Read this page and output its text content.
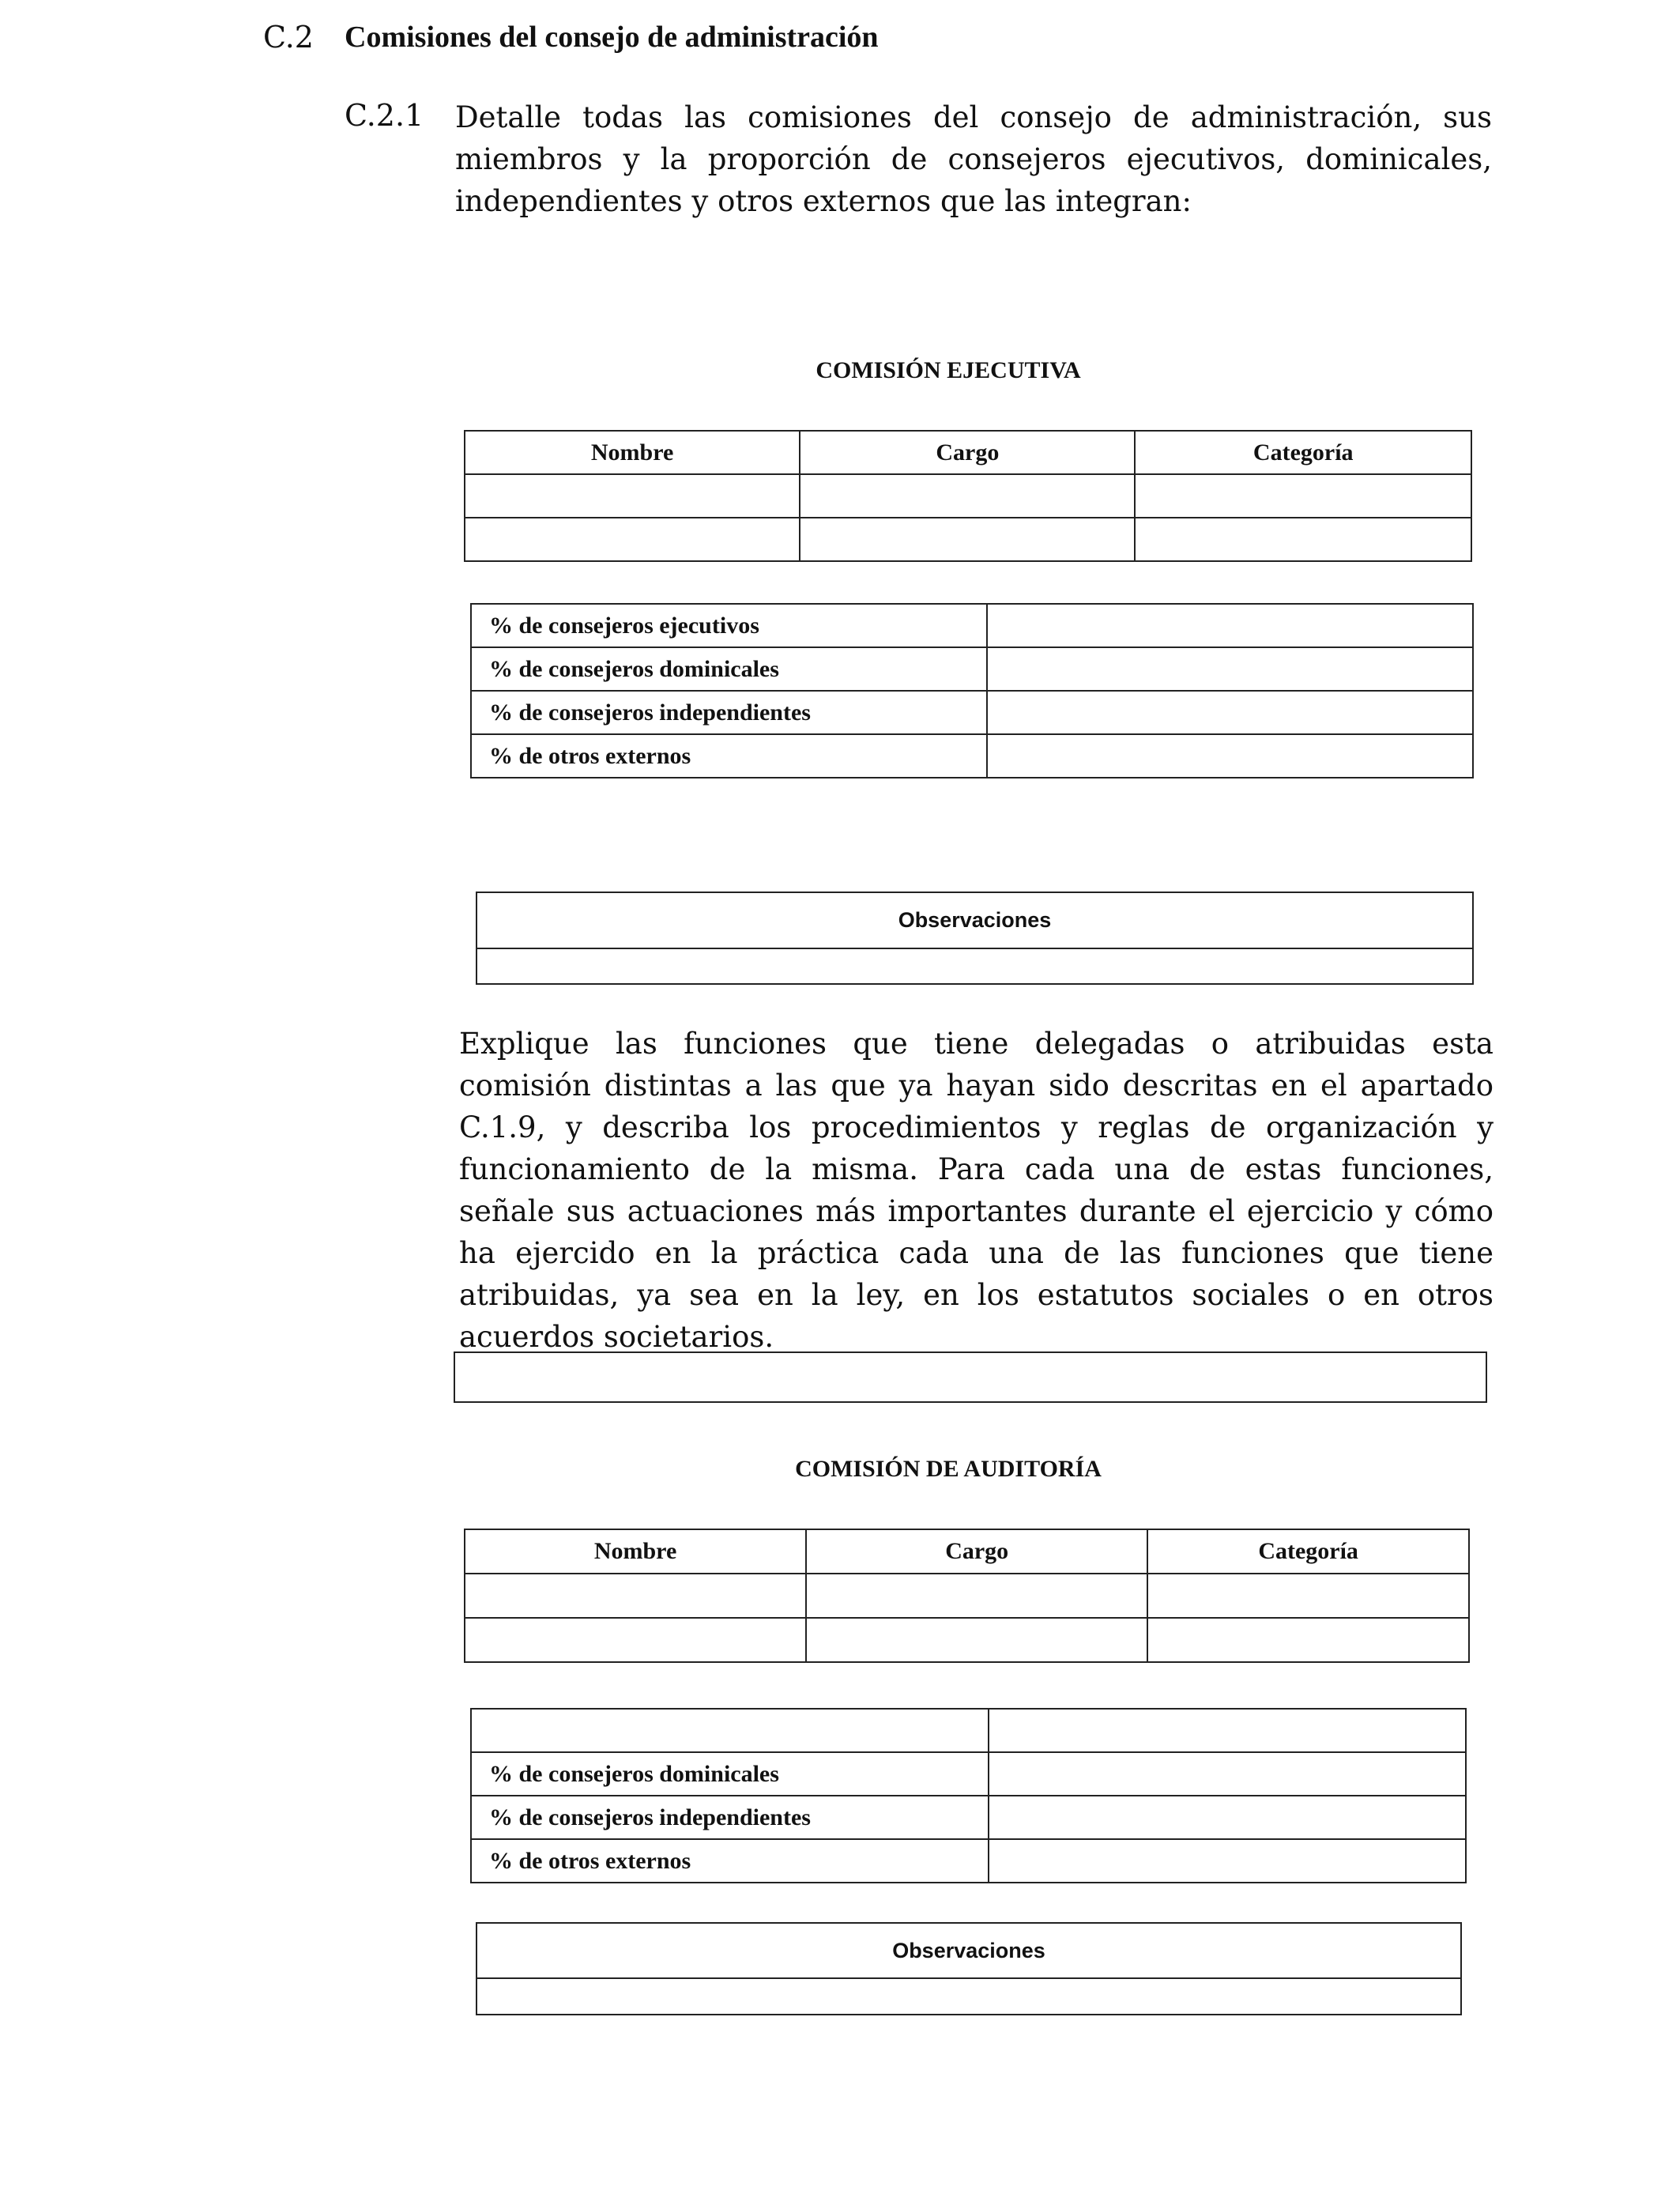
C.2 Comisiones del consejo de administración
C.2.1 Detalle todas las comisiones del consejo de administración, sus miembros y la proporción de consejeros ejecutivos, dominicales, independientes y otros externos que las integran:
COMISIÓN EJECUTIVA
Nombre	Cargo	Categoría

% de consejeros ejecutivos	
% de consejeros dominicales	
% de consejeros independientes	
% de otros externos	
Observaciones

Explique las funciones que tiene delegadas o atribuidas esta comisión distintas a las que ya hayan sido descritas en el apartado C.1.9, y describa los procedimientos y reglas de organización y funcionamiento de la misma. Para cada una de estas funciones, señale sus actuaciones más importantes durante el ejercicio y cómo ha ejercido en la práctica cada una de las funciones que tiene atribuidas, ya sea en la ley, en los estatutos sociales o en otros acuerdos societarios.
COMISIÓN DE AUDITORÍA
Nombre	Cargo	Categoría

% de consejeros dominicales	
% de consejeros independientes	
% de otros externos	
Observaciones
